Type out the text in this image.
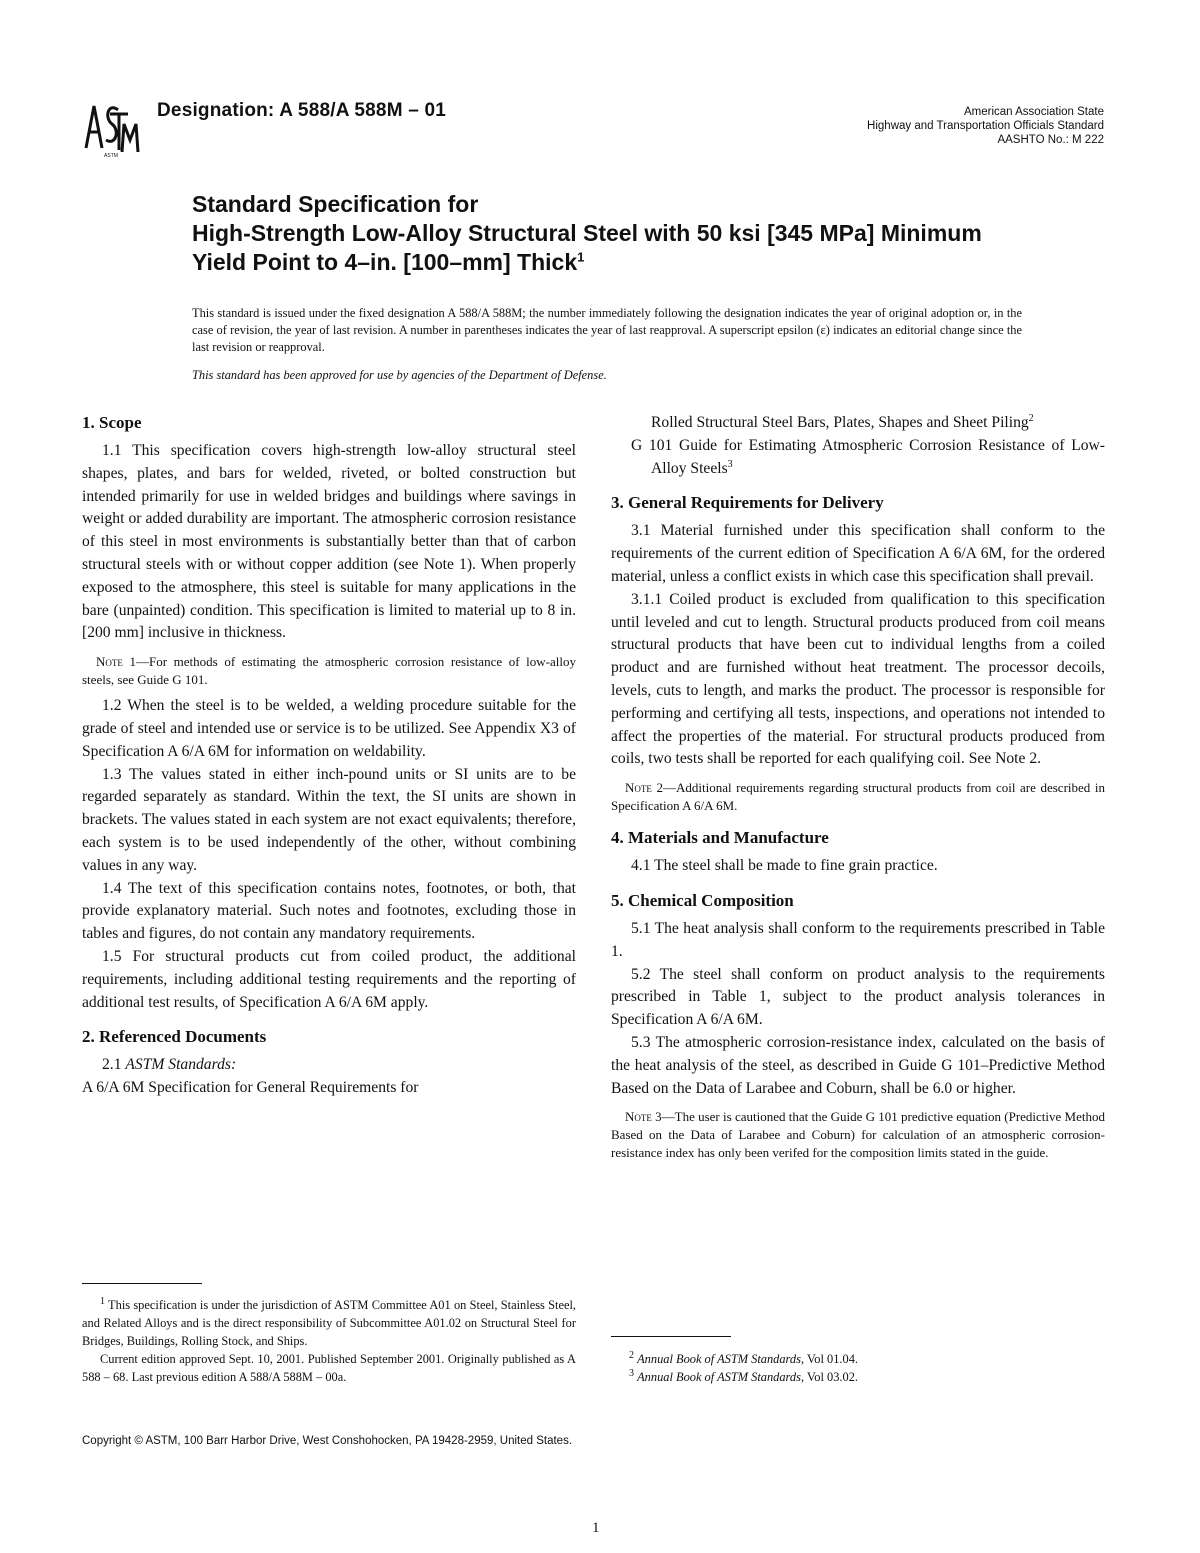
ASTM
Designation: A 588/A 588M – 01	American Association State
Highway and Transportation Officials Standard
AASHTO No.: M 222
Standard Specification for
High-Strength Low-Alloy Structural Steel with 50 ksi [345 MPa] Minimum Yield Point to 4–in. [100–mm] Thick$^1$
This standard is issued under the fixed designation A 588/A 588M; the number immediately following the designation indicates the year of original adoption or, in the case of revision, the year of last revision. A number in parentheses indicates the year of last reapproval. A superscript epsilon (ε) indicates an editorial change since the last revision or reapproval.
This standard has been approved for use by agencies of the Department of Defense.
1. Scope

1.1 This specification covers high-strength low-alloy structural steel shapes, plates, and bars for welded, riveted, or bolted construction but intended primarily for use in welded bridges and buildings where savings in weight or added durability are important. The atmospheric corrosion resistance of this steel in most environments is substantially better than that of carbon structural steels with or without copper addition (see Note 1). When properly exposed to the atmosphere, this steel is suitable for many applications in the bare (unpainted) condition. This specification is limited to material up to 8 in. [200 mm] inclusive in thickness.

Note 1—For methods of estimating the atmospheric corrosion resistance of low-alloy steels, see Guide G 101.

1.2 When the steel is to be welded, a welding procedure suitable for the grade of steel and intended use or service is to be utilized. See Appendix X3 of Specification A 6/A 6M for information on weldability.

1.3 The values stated in either inch-pound units or SI units are to be regarded separately as standard. Within the text, the SI units are shown in brackets. The values stated in each system are not exact equivalents; therefore, each system is to be used independently of the other, without combining values in any way.

1.4 The text of this specification contains notes, footnotes, or both, that provide explanatory material. Such notes and footnotes, excluding those in tables and figures, do not contain any mandatory requirements.

1.5 For structural products cut from coiled product, the additional requirements, including additional testing requirements and the reporting of additional test results, of Specification A 6/A 6M apply.

2. Referenced Documents

2.1 ASTM Standards:

A 6/A 6M Specification for General Requirements for

$^1$ This specification is under the jurisdiction of ASTM Committee A01 on Steel, Stainless Steel, and Related Alloys and is the direct responsibility of Subcommittee A01.02 on Structural Steel for Bridges, Buildings, Rolling Stock, and Ships.

Current edition approved Sept. 10, 2001. Published September 2001. Originally published as A 588 – 68. Last previous edition A 588/A 588M – 00a.

Rolled Structural Steel Bars, Plates, Shapes and Sheet Piling$^2$

G 101 Guide for Estimating Atmospheric Corrosion Resistance of Low-Alloy Steels$^3$

3. General Requirements for Delivery

3.1 Material furnished under this specification shall conform to the requirements of the current edition of Specification A 6/A 6M, for the ordered material, unless a conflict exists in which case this specification shall prevail.

3.1.1 Coiled product is excluded from qualification to this specification until leveled and cut to length. Structural products produced from coil means structural products that have been cut to individual lengths from a coiled product and are furnished without heat treatment. The processor decoils, levels, cuts to length, and marks the product. The processor is responsible for performing and certifying all tests, inspections, and operations not intended to affect the properties of the material. For structural products produced from coils, two tests shall be reported for each qualifying coil. See Note 2.

Note 2—Additional requirements regarding structural products from coil are described in Specification A 6/A 6M.

4. Materials and Manufacture

4.1 The steel shall be made to fine grain practice.

5. Chemical Composition

5.1 The heat analysis shall conform to the requirements prescribed in Table 1.

5.2 The steel shall conform on product analysis to the requirements prescribed in Table 1, subject to the product analysis tolerances in Specification A 6/A 6M.

5.3 The atmospheric corrosion-resistance index, calculated on the basis of the heat analysis of the steel, as described in Guide G 101–Predictive Method Based on the Data of Larabee and Coburn, shall be 6.0 or higher.

Note 3—The user is cautioned that the Guide G 101 predictive equation (Predictive Method Based on the Data of Larabee and Coburn) for calculation of an atmospheric corrosion-resistance index has only been verifed for the composition limits stated in the guide.

$^2$ Annual Book of ASTM Standards, Vol 01.04.

$^3$ Annual Book of ASTM Standards, Vol 03.02.

Copyright © ASTM, 100 Barr Harbor Drive, West Conshohocken, PA 19428-2959, United States.
1
